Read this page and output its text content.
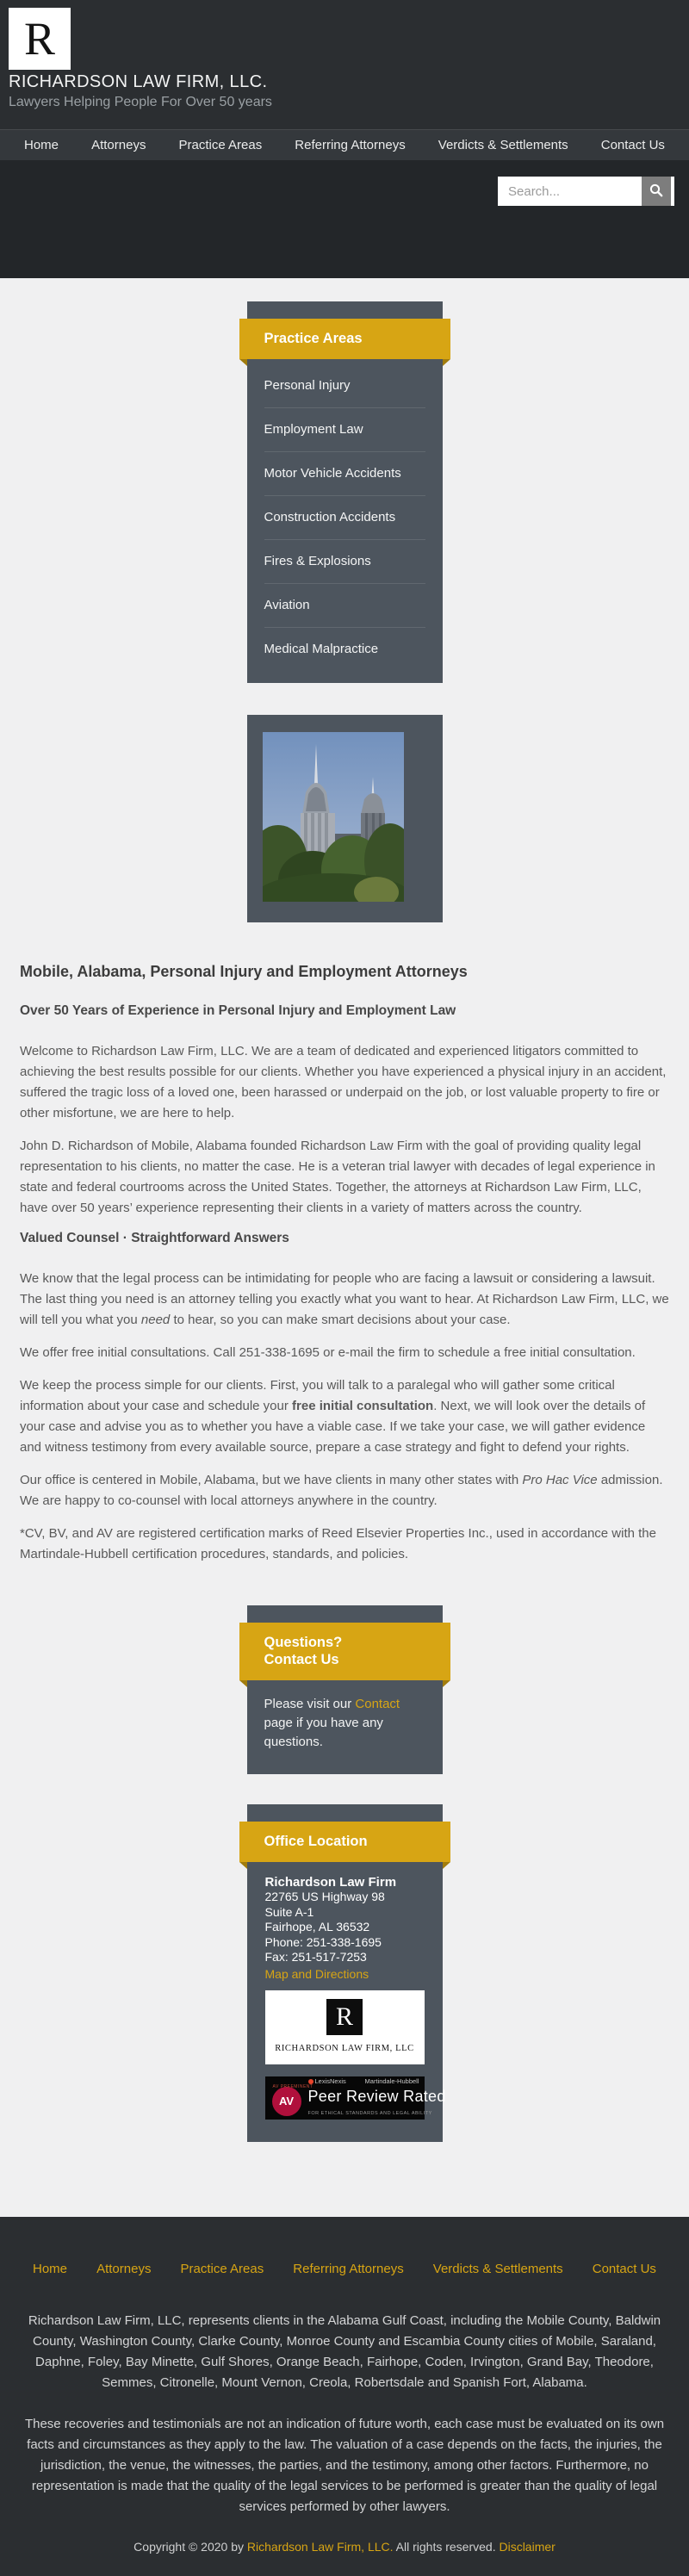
R
RICHARDSON LAW FIRM, LLC.
Lawyers Helping People For Over 50 years
Home	Attorneys	Practice Areas	Referring Attorneys	Verdicts & Settlements	Contact Us
Search...
Practice Areas
Personal Injury
Employment Law
Motor Vehicle Accidents
Construction Accidents
Fires & Explosions
Aviation
Medical Malpractice
Mobile, Alabama, Personal Injury and Employment Attorneys
Over 50 Years of Experience in Personal Injury and Employment Law

Welcome to Richardson Law Firm, LLC. We are a team of dedicated and experienced litigators committed to achieving the best results possible for our clients. Whether you have experienced a physical injury in an accident, suffered the tragic loss of a loved one, been harassed or underpaid on the job, or lost valuable property to fire or other misfortune, we are here to help.

John D. Richardson of Mobile, Alabama founded Richardson Law Firm with the goal of providing quality legal representation to his clients, no matter the case. He is a veteran trial lawyer with decades of legal experience in state and federal courtrooms across the United States. Together, the attorneys at Richardson Law Firm, LLC, have over 50 years’ experience representing their clients in a variety of matters across the country.

Valued Counsel · Straightforward Answers

We know that the legal process can be intimidating for people who are facing a lawsuit or considering a lawsuit. The last thing you need is an attorney telling you exactly what you want to hear. At Richardson Law Firm, LLC, we will tell you what you need to hear, so you can make smart decisions about your case.

We offer free initial consultations. Call 251-338-1695 or e-mail the firm to schedule a free initial consultation.

We keep the process simple for our clients. First, you will talk to a paralegal who will gather some critical information about your case and schedule your free initial consultation. Next, we will look over the details of your case and advise you as to whether you have a viable case. If we take your case, we will gather evidence and witness testimony from every available source, prepare a case strategy and fight to defend your rights.

Our office is centered in Mobile, Alabama, but we have clients in many other states with Pro Hac Vice admission. We are happy to co-counsel with local attorneys anywhere in the country.

*CV, BV, and AV are registered certification marks of Reed Elsevier Properties Inc., used in accordance with the Martindale-Hubbell certification procedures, standards, and policies.

Questions? Contact Us
Please visit our Contact page if you have any questions.
Office Location
Richardson Law Firm
22765 US Highway 98
Suite A-1
Fairhope, AL 36532
Phone: 251-338-1695
Fax: 251-517-7253
Map and Directions
R
RICHARDSON LAW FIRM, LLC
AV PREEMINENT
AV
LexisNexis	Martindale-Hubbell
Peer Review Rated
FOR ETHICAL STANDARDS AND LEGAL ABILITY
Home Attorneys Practice Areas Referring Attorneys Verdicts & Settlements Contact Us

Richardson Law Firm, LLC, represents clients in the Alabama Gulf Coast, including the Mobile County, Baldwin County, Washington County, Clarke County, Monroe County and Escambia County cities of Mobile, Saraland, Daphne, Foley, Bay Minette, Gulf Shores, Orange Beach, Fairhope, Coden, Irvington, Grand Bay, Theodore, Semmes, Citronelle, Mount Vernon, Creola, Robertsdale and Spanish Fort, Alabama.

These recoveries and testimonials are not an indication of future worth, each case must be evaluated on its own facts and circumstances as they apply to the law. The valuation of a case depends on the facts, the injuries, the jurisdiction, the venue, the witnesses, the parties, and the testimony, among other factors. Furthermore, no representation is made that the quality of the legal services to be performed is greater than the quality of legal services performed by other lawyers.

Copyright © 2020 by Richardson Law Firm, LLC. All rights reserved. Disclaimer
